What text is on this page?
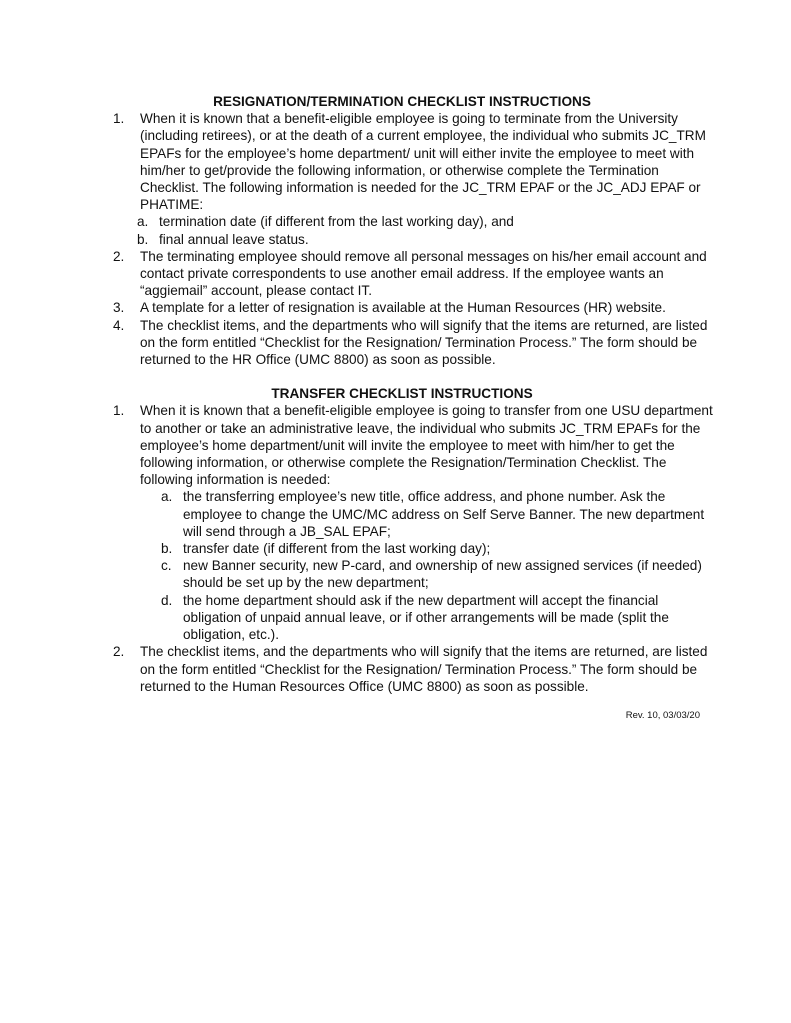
RESIGNATION/TERMINATION CHECKLIST INSTRUCTIONS
1.	When it is known that a benefit-eligible employee is going to terminate from the University (including retirees), or at the death of a current employee, the individual who submits JC_TRM EPAFs for the employee’s home department/ unit will either invite the employee to meet with him/her to get/provide the following information, or otherwise complete the Termination Checklist. The following information is needed for the JC_TRM EPAF or the JC_ADJ EPAF or PHATIME:
a. termination date (if different from the last working day), and
b. final annual leave status.
2.	The terminating employee should remove all personal messages on his/her email account and contact private correspondents to use another email address. If the employee wants an “aggiemail” account, please contact IT.
3.	A template for a letter of resignation is available at the Human Resources (HR) website.
4.	The checklist items, and the departments who will signify that the items are returned, are listed on the form entitled “Checklist for the Resignation/ Termination Process.” The form should be returned to the HR Office (UMC 8800) as soon as possible.
TRANSFER CHECKLIST INSTRUCTIONS
1.	When it is known that a benefit-eligible employee is going to transfer from one USU department to another or take an administrative leave, the individual who submits JC_TRM EPAFs for the employee’s home department/unit will invite the employee to meet with him/her to get the following information, or otherwise complete the Resignation/Termination Checklist. The following information is needed:
a. the transferring employee’s new title, office address, and phone number. Ask the employee to change the UMC/MC address on Self Serve Banner. The new department will send through a JB_SAL EPAF;
b. transfer date (if different from the last working day);
c. new Banner security, new P-card, and ownership of new assigned services (if needed) should be set up by the new department;
d. the home department should ask if the new department will accept the financial obligation of unpaid annual leave, or if other arrangements will be made (split the obligation, etc.).
2.	The checklist items, and the departments who will signify that the items are returned, are listed on the form entitled “Checklist for the Resignation/ Termination Process.” The form should be returned to the Human Resources Office (UMC 8800) as soon as possible.
Rev. 10, 03/03/20
